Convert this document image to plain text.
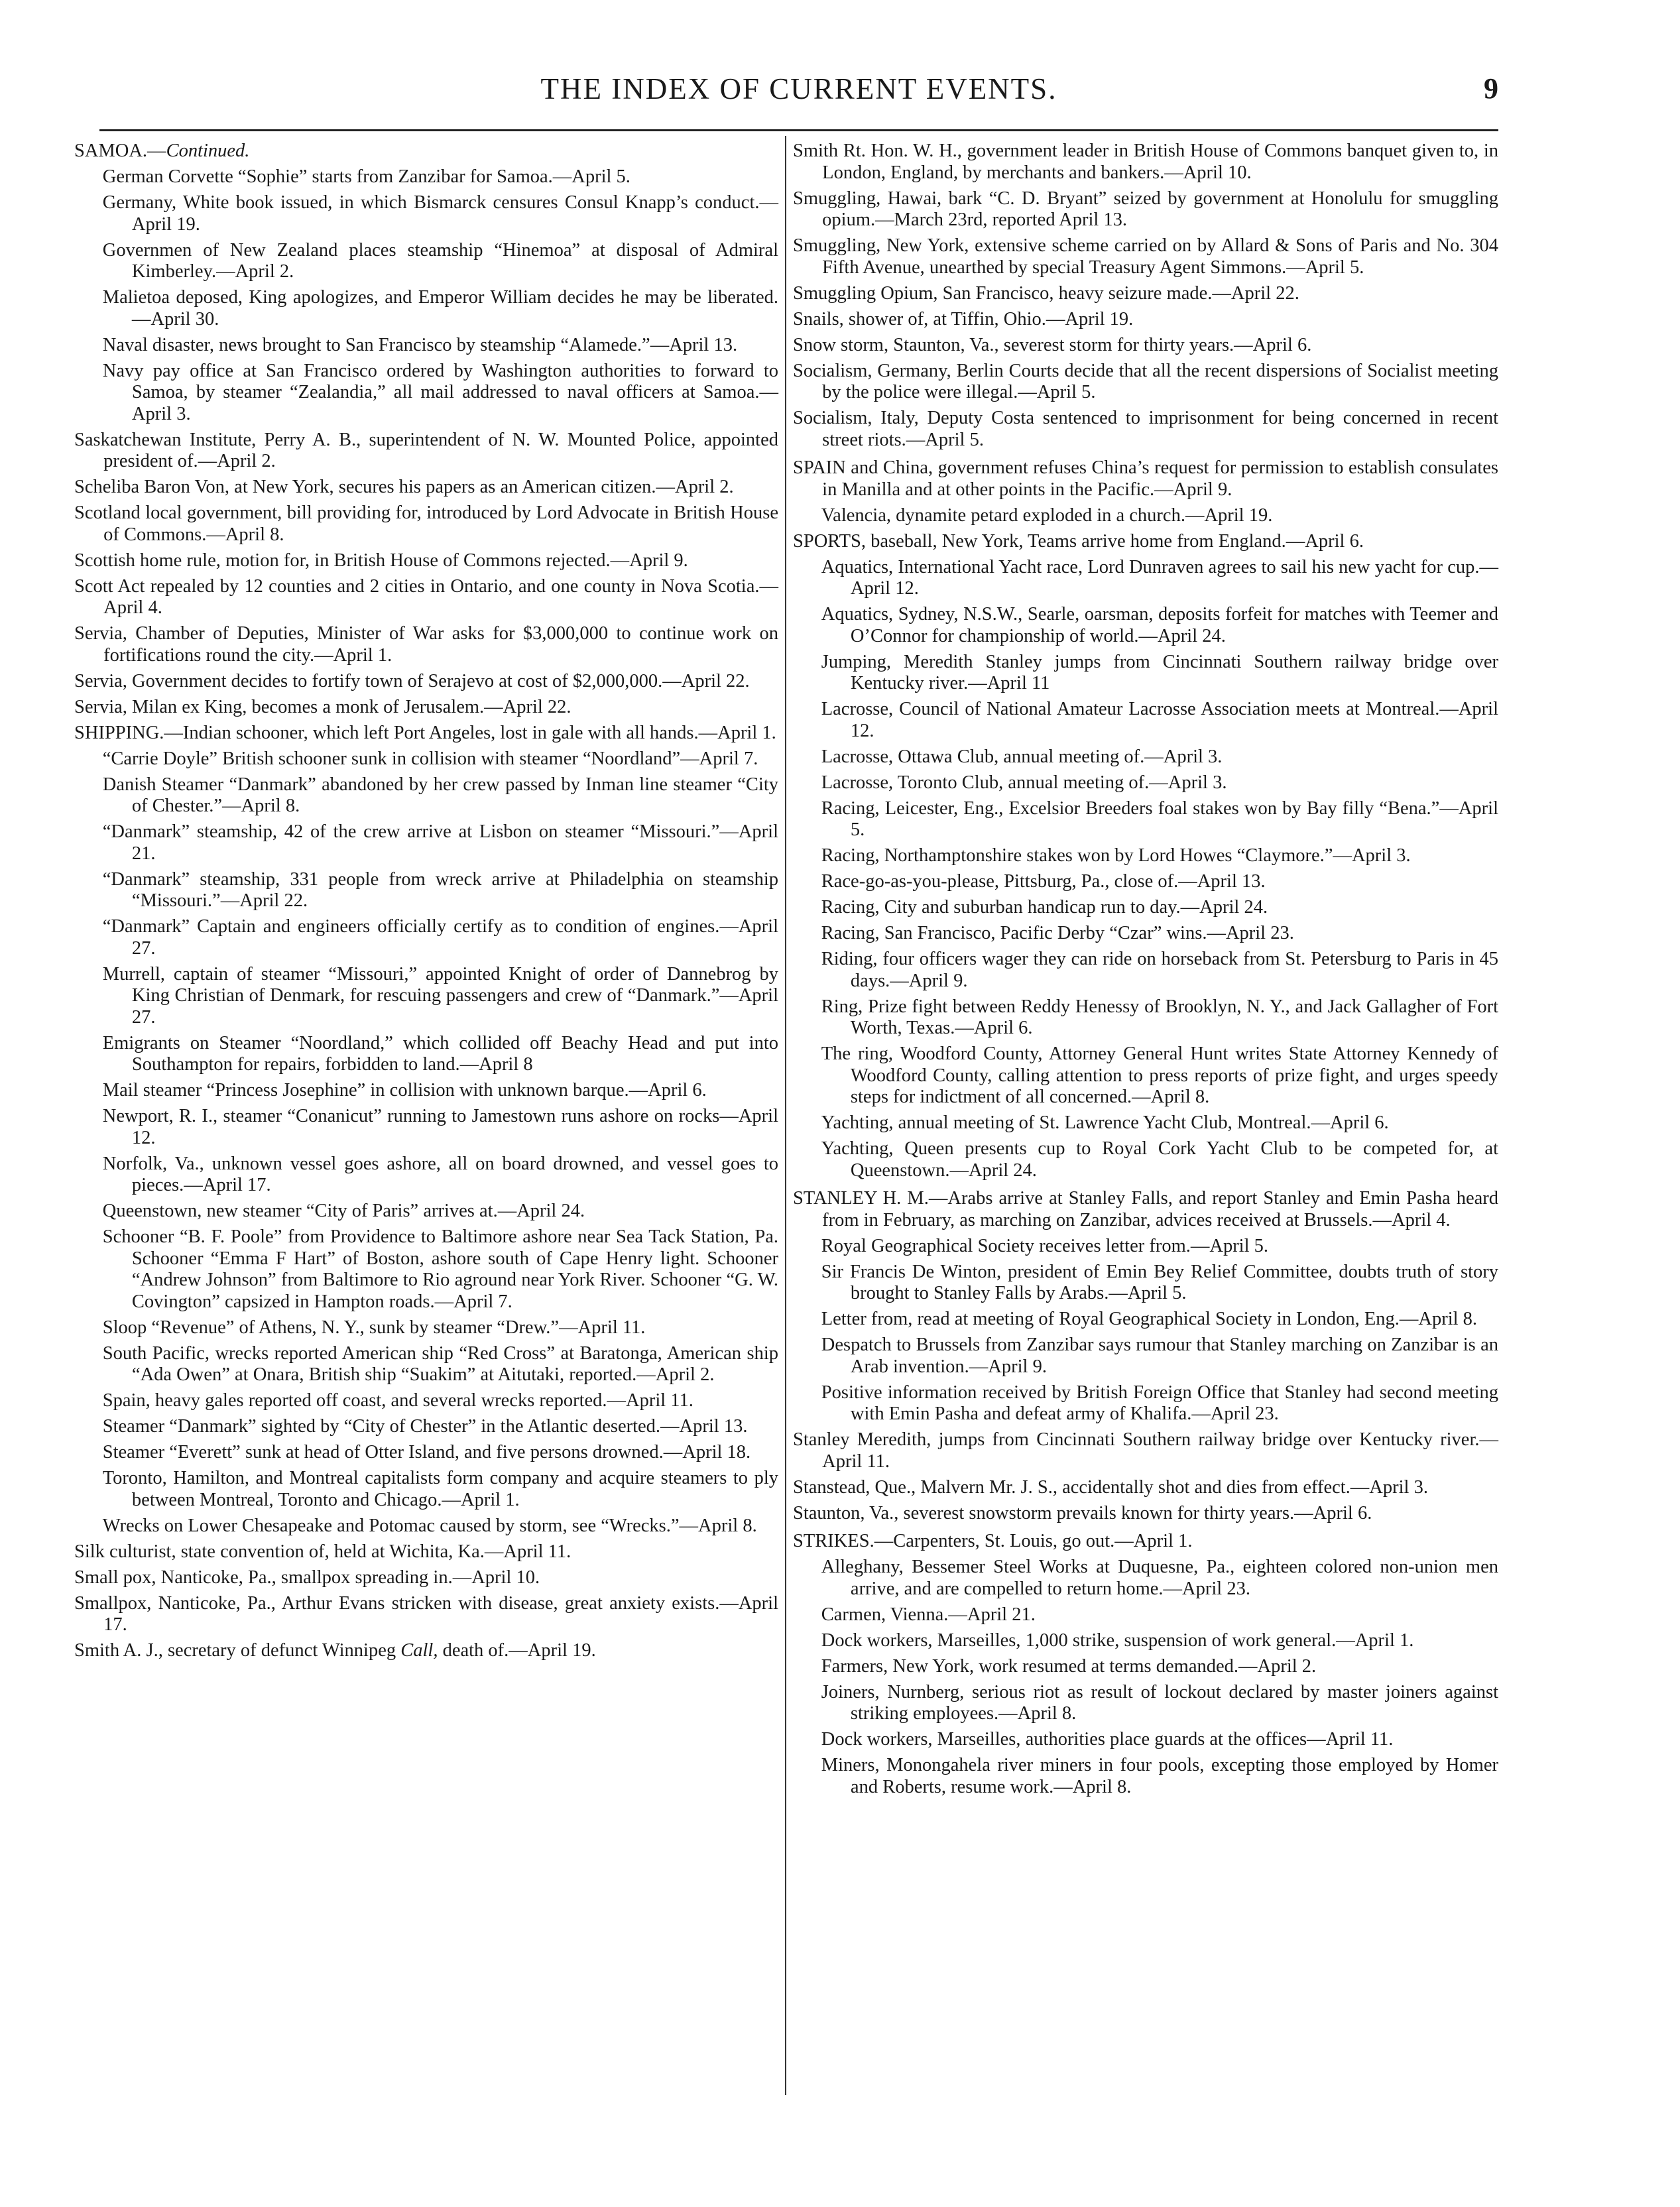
THE INDEX OF CURRENT EVENTS.	9
SAMOA.—Continued.
German Corvette “Sophie” starts from Zanzibar for Samoa.—April 5.
Germany, White book issued, in which Bismarck censures Consul Knapp’s conduct.—April 19.
Governmen of New Zealand places steamship “Hinemoa” at disposal of Admiral Kimberley.—April 2.
Malietoa deposed, King apologizes, and Emperor William decides he may be liberated.—April 30.
Naval disaster, news brought to San Francisco by steamship “Alamede.”—April 13.
Navy pay office at San Francisco ordered by Washington authorities to forward to Samoa, by steamer “Zealandia,” all mail addressed to naval officers at Samoa.—April 3.
Saskatchewan Institute, Perry A. B., superintendent of N. W. Mounted Police, appointed president of.—April 2.
Scheliba Baron Von, at New York, secures his papers as an American citizen.—April 2.
Scotland local government, bill providing for, introduced by Lord Advocate in British House of Commons.—April 8.
Scottish home rule, motion for, in British House of Commons rejected.—April 9.
Scott Act repealed by 12 counties and 2 cities in Ontario, and one county in Nova Scotia.—April 4.
Servia, Chamber of Deputies, Minister of War asks for $3,000,000 to continue work on fortifications round the city.—April 1.
Servia, Government decides to fortify town of Serajevo at cost of $2,000,000.—April 22.
Servia, Milan ex King, becomes a monk of Jerusalem.—April 22.
SHIPPING.—Indian schooner, which left Port Angeles, lost in gale with all hands.—April 1.
“Carrie Doyle” British schooner sunk in collision with steamer “Noordland”—April 7.
Danish Steamer “Danmark” abandoned by her crew passed by Inman line steamer “City of Chester.”—April 8.
“Danmark” steamship, 42 of the crew arrive at Lisbon on steamer “Missouri.”—April 21.
“Danmark” steamship, 331 people from wreck arrive at Philadelphia on steamship “Missouri.”—April 22.
“Danmark” Captain and engineers officially certify as to condition of engines.—April 27.
Murrell, captain of steamer “Missouri,” appointed Knight of order of Dannebrog by King Christian of Denmark, for rescuing passengers and crew of “Danmark.”—April 27.
Emigrants on Steamer “Noordland,” which collided off Beachy Head and put into Southampton for repairs, forbidden to land.—April 8
Mail steamer “Princess Josephine” in collision with unknown barque.—April 6.
Newport, R. I., steamer “Conanicut” running to Jamestown runs ashore on rocks—April 12.
Norfolk, Va., unknown vessel goes ashore, all on board drowned, and vessel goes to pieces.—April 17.
Queenstown, new steamer “City of Paris” arrives at.—April 24.
Schooner “B. F. Poole” from Providence to Baltimore ashore near Sea Tack Station, Pa. Schooner “Emma F Hart” of Boston, ashore south of Cape Henry light. Schooner “Andrew Johnson” from Baltimore to Rio aground near York River. Schooner “G. W. Covington” capsized in Hampton roads.—April 7.
Sloop “Revenue” of Athens, N. Y., sunk by steamer “Drew.”—April 11.
South Pacific, wrecks reported American ship “Red Cross” at Baratonga, American ship “Ada Owen” at Onara, British ship “Suakim” at Aitutaki, reported.—April 2.
Spain, heavy gales reported off coast, and several wrecks reported.—April 11.
Steamer “Danmark” sighted by “City of Chester” in the Atlantic deserted.—April 13.
Steamer “Everett” sunk at head of Otter Island, and five persons drowned.—April 18.
Toronto, Hamilton, and Montreal capitalists form company and acquire steamers to ply between Montreal, Toronto and Chicago.—April 1.
Wrecks on Lower Chesapeake and Potomac caused by storm, see “Wrecks.”—April 8.
Silk culturist, state convention of, held at Wichita, Ka.—April 11.
Small pox, Nanticoke, Pa., smallpox spreading in.—April 10.
Smallpox, Nanticoke, Pa., Arthur Evans stricken with disease, great anxiety exists.—April 17.
Smith A. J., secretary of defunct Winnipeg Call, death of.—April 19.
Smith Rt. Hon. W. H., government leader in British House of Commons banquet given to, in London, England, by merchants and bankers.—April 10.
Smuggling, Hawai, bark “C. D. Bryant” seized by government at Honolulu for smuggling opium.—March 23rd, reported April 13.
Smuggling, New York, extensive scheme carried on by Allard & Sons of Paris and No. 304 Fifth Avenue, unearthed by special Treasury Agent Simmons.—April 5.
Smuggling Opium, San Francisco, heavy seizure made.—April 22.
Snails, shower of, at Tiffin, Ohio.—April 19.
Snow storm, Staunton, Va., severest storm for thirty years.—April 6.
Socialism, Germany, Berlin Courts decide that all the recent dispersions of Socialist meeting by the police were illegal.—April 5.
Socialism, Italy, Deputy Costa sentenced to imprisonment for being concerned in recent street riots.—April 5.
SPAIN and China, government refuses China’s request for permission to establish consulates in Manilla and at other points in the Pacific.—April 9.
Valencia, dynamite petard exploded in a church.—April 19.
SPORTS, baseball, New York, Teams arrive home from England.—April 6.
Aquatics, International Yacht race, Lord Dunraven agrees to sail his new yacht for cup.—April 12.
Aquatics, Sydney, N.S.W., Searle, oarsman, deposits forfeit for matches with Teemer and O’Connor for championship of world.—April 24.
Jumping, Meredith Stanley jumps from Cincinnati Southern railway bridge over Kentucky river.—April 11
Lacrosse, Council of National Amateur Lacrosse Association meets at Montreal.—April 12.
Lacrosse, Ottawa Club, annual meeting of.—April 3.
Lacrosse, Toronto Club, annual meeting of.—April 3.
Racing, Leicester, Eng., Excelsior Breeders foal stakes won by Bay filly “Bena.”—April 5.
Racing, Northamptonshire stakes won by Lord Howes “Claymore.”—April 3.
Race-go-as-you-please, Pittsburg, Pa., close of.—April 13.
Racing, City and suburban handicap run to day.—April 24.
Racing, San Francisco, Pacific Derby “Czar” wins.—April 23.
Riding, four officers wager they can ride on horseback from St. Petersburg to Paris in 45 days.—April 9.
Ring, Prize fight between Reddy Henessy of Brooklyn, N. Y., and Jack Gallagher of Fort Worth, Texas.—April 6.
The ring, Woodford County, Attorney General Hunt writes State Attorney Kennedy of Woodford County, calling attention to press reports of prize fight, and urges speedy steps for indictment of all concerned.—April 8.
Yachting, annual meeting of St. Lawrence Yacht Club, Montreal.—April 6.
Yachting, Queen presents cup to Royal Cork Yacht Club to be competed for, at Queenstown.—April 24.
STANLEY H. M.—Arabs arrive at Stanley Falls, and report Stanley and Emin Pasha heard from in February, as marching on Zanzibar, advices received at Brussels.—April 4.
Royal Geographical Society receives letter from.—April 5.
Sir Francis De Winton, president of Emin Bey Relief Committee, doubts truth of story brought to Stanley Falls by Arabs.—April 5.
Letter from, read at meeting of Royal Geographical Society in London, Eng.—April 8.
Despatch to Brussels from Zanzibar says rumour that Stanley marching on Zanzibar is an Arab invention.—April 9.
Positive information received by British Foreign Office that Stanley had second meeting with Emin Pasha and defeat army of Khalifa.—April 23.
Stanley Meredith, jumps from Cincinnati Southern railway bridge over Kentucky river.—April 11.
Stanstead, Que., Malvern Mr. J. S., accidentally shot and dies from effect.—April 3.
Staunton, Va., severest snowstorm prevails known for thirty years.—April 6.
STRIKES.—Carpenters, St. Louis, go out.—April 1.
Alleghany, Bessemer Steel Works at Duquesne, Pa., eighteen colored non-union men arrive, and are compelled to return home.—April 23.
Carmen, Vienna.—April 21.
Dock workers, Marseilles, 1,000 strike, suspension of work general.—April 1.
Farmers, New York, work resumed at terms demanded.—April 2.
Joiners, Nurnberg, serious riot as result of lockout declared by master joiners against striking employees.—April 8.
Dock workers, Marseilles, authorities place guards at the offices—April 11.
Miners, Monongahela river miners in four pools, excepting those employed by Homer and Roberts, resume work.—April 8.
